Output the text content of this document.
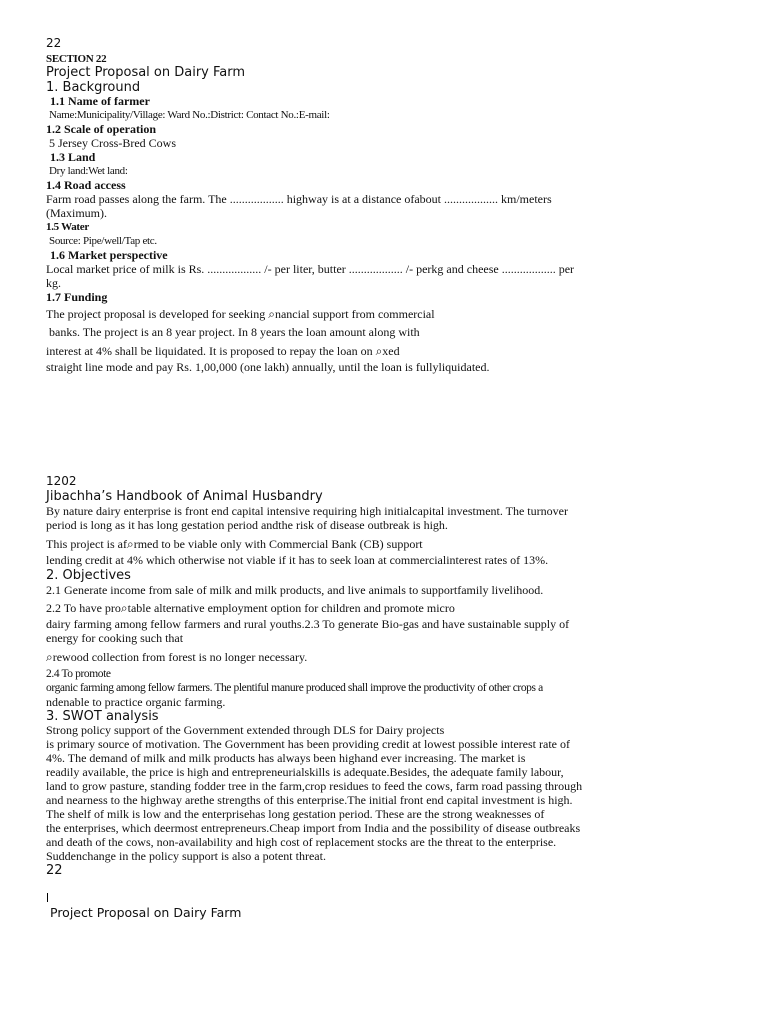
22
SECTION 22
Project Proposal on Dairy Farm
1. Background
1.1 Name of farmer
Name:Municipality/Village: Ward No.:District: Contact No.:E-mail:
1.2 Scale of operation
5 Jersey Cross-Bred Cows
1.3 Land
Dry land:Wet land:
1.4 Road access
Farm road passes along the farm. The .................. highway is at a distance ofabout .................. km/meters
(Maximum).
1.5 Water
Source: Pipe/well/Tap etc.
1.6 Market perspective
Local market price of milk is Rs. .................. /- per liter, butter .................. /- perkg and cheese .................. per
kg.
1.7 Funding
The project proposal is developed for seeking ⌕nancial support from commercial
banks. The project is an 8 year project. In 8 years the loan amount along with
interest at 4% shall be liquidated. It is proposed to repay the loan on ⌕xed
straight line mode and pay Rs. 1,00,000 (one lakh) annually, until the loan is fullyliquidated.
1202
Jibachha’s Handbook of Animal Husbandry
By nature dairy enterprise is front end capital intensive requiring high initialcapital investment. The turnover
period is long as it has long gestation period andthe risk of disease outbreak is high.
This project is af⌕rmed to be viable only with Commercial Bank (CB) support
lending credit at 4% which otherwise not viable if it has to seek loan at commercialinterest rates of 13%.
2. Objectives
2.1 Generate income from sale of milk and milk products, and live animals to supportfamily livelihood.
2.2 To have pro⌕table alternative employment option for children and promote micro
dairy farming among fellow farmers and rural youths.2.3 To generate Bio-gas and have sustainable supply of
energy for cooking such that
⌕rewood collection from forest is no longer necessary.
2.4 To promote
organic farming among fellow farmers. The plentiful manure produced shall improve the productivity of other crops a
ndenable to practice organic farming.
3. SWOT analysis
Strong policy support of the Government extended through DLS for Dairy projects
is primary source of motivation. The Government has been providing credit at lowest possible interest rate of
4%. The demand of milk and milk products has always been highand ever increasing. The market is
readily available, the price is high and entrepreneurialskills is adequate.Besides, the adequate family labour,
land to grow pasture, standing fodder tree in the farm,crop residues to feed the cows, farm road passing through
and nearness to the highway arethe strengths of this enterprise.The initial front end capital investment is high.
The shelf of milk is low and the enterprisehas long gestation period. These are the strong weaknesses of
the enterprises, which deermost entrepreneurs.Cheap import from India and the possibility of disease outbreaks
and death of the cows, non-availability and high cost of replacement stocks are the threat to the enterprise.
Suddenchange in the policy support is also a potent threat.
22
Project Proposal on Dairy Farm
